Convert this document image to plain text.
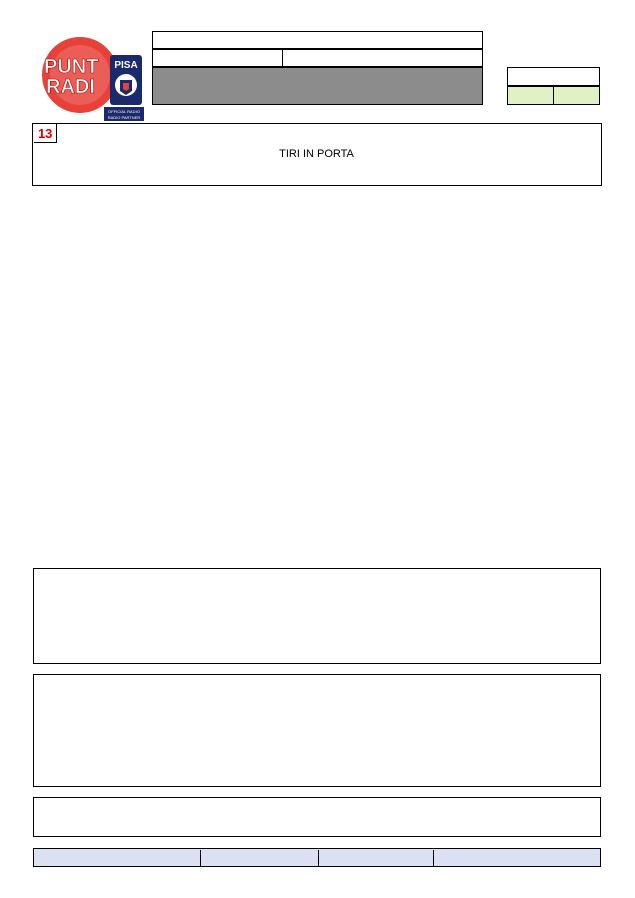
PUNT
RADI
PISA
OFFICIAL RADIO
RADIO PARTNER
TIRI IN PORTA
13
